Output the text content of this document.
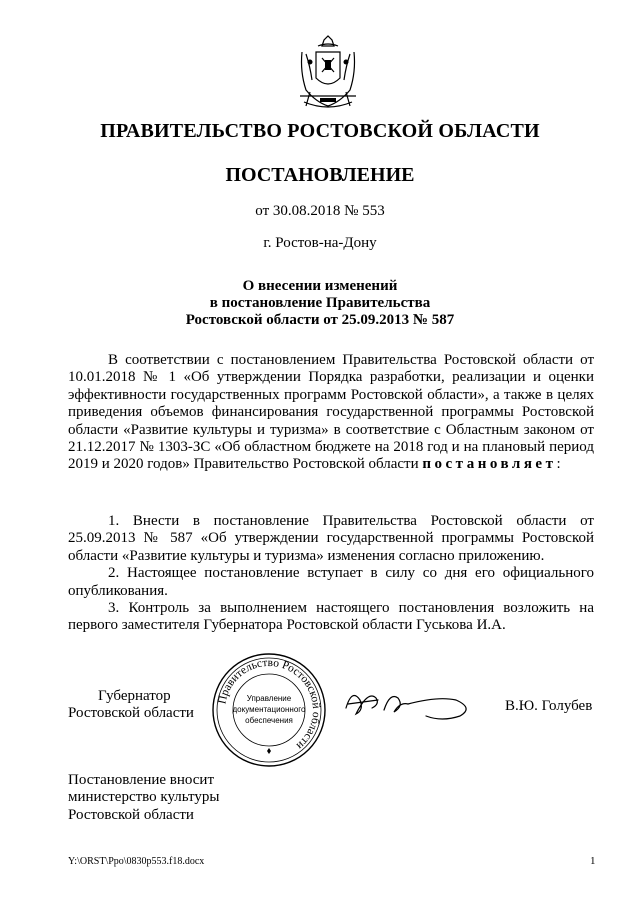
ПРАВИТЕЛЬСТВО РОСТОВСКОЙ ОБЛАСТИ
ПОСТАНОВЛЕНИЕ
от 30.08.2018 № 553
г. Ростов-на-Дону
О внесении изменений
в постановление Правительства
Ростовской области от 25.09.2013 № 587

В соответствии с постановлением Правительства Ростовской области от 10.01.2018 № 1 «Об утверждении Порядка разработки, реализации и оценки эффективности государственных программ Ростовской области», а также в целях приведения объемов финансирования государственной программы Ростовской области «Развитие культуры и туризма» в соответствие с Областным законом от 21.12.2017 № 1303-ЗС «Об областном бюджете на 2018 год и на плановый период 2019 и 2020 годов» Правительство Ростовской области постановляет:

1. Внести в постановление Правительства Ростовской области от 25.09.2013 № 587 «Об утверждении государственной программы Ростовской области «Развитие культуры и туризма» изменения согласно приложению.

2. Настоящее постановление вступает в силу со дня его официального опубликования.

3. Контроль за выполнением настоящего постановления возложить на первого заместителя Губернатора Ростовской области Гуськова И.А.

Губернатор
Ростовской области
Правительство Ростовской области
Управление
документационного
обеспечения
В.Ю. Голубев
Постановление вносит
министерство культуры
Ростовской области
Y:\ORST\Ppo\0830p553.f18.docx	1
